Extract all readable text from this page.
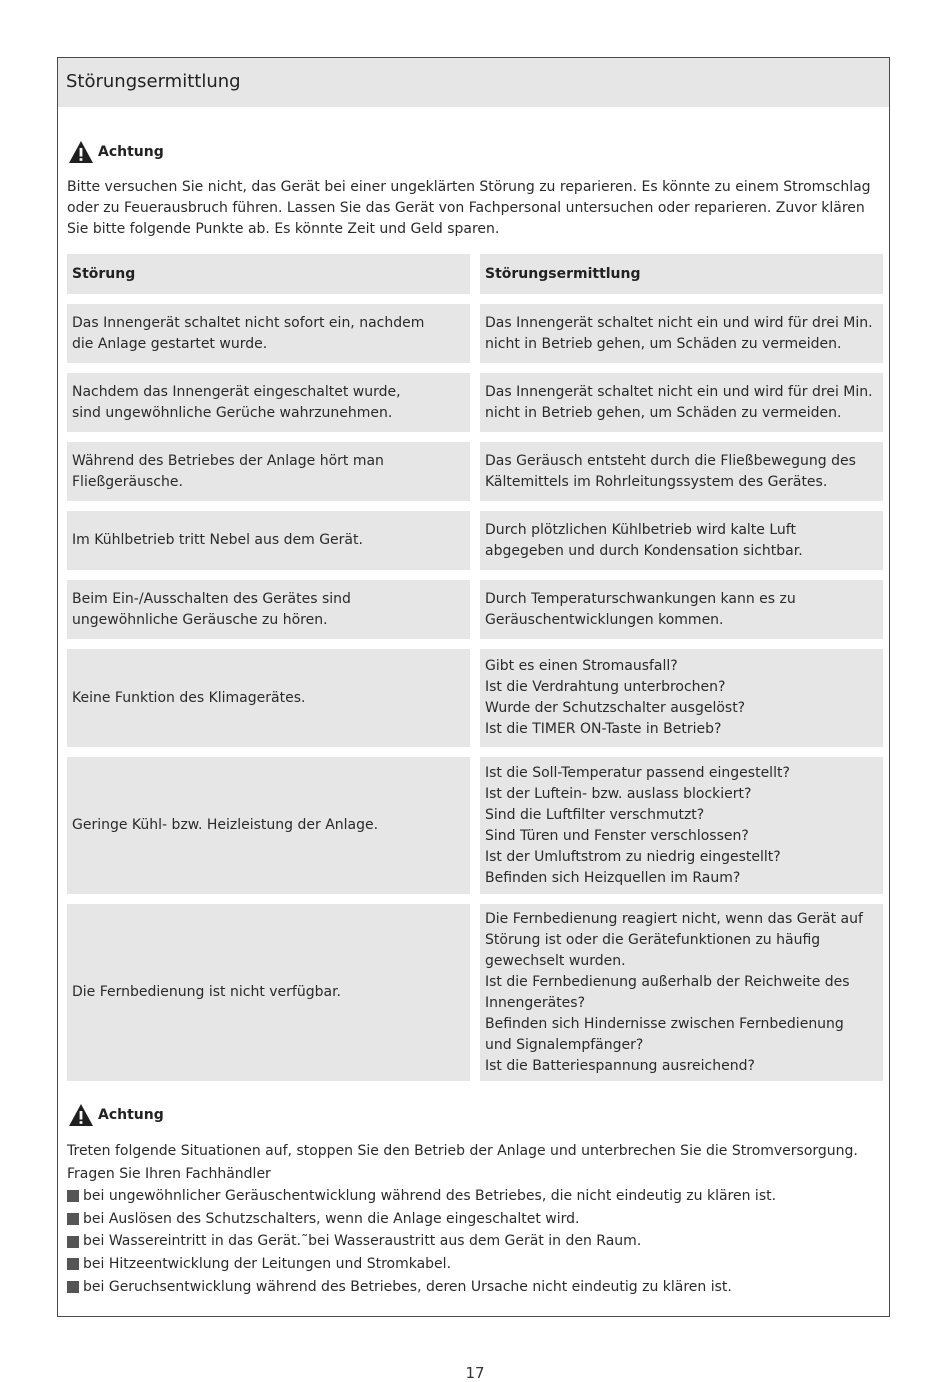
Störungsermittlung
Achtung
Bitte versuchen Sie nicht, das Gerät bei einer ungeklärten Störung zu reparieren. Es könnte zu einem Stromschlag oder zu Feuerausbruch führen. Lassen Sie das Gerät von Fachpersonal untersuchen oder reparieren. Zuvor klären Sie bitte folgende Punkte ab. Es könnte Zeit und Geld sparen.
Störung	Störungsermittlung
Das Innengerät schaltet nicht sofort ein, nachdem
die Anlage gestartet wurde.
Das Innengerät schaltet nicht ein und wird für drei Min.
nicht in Betrieb gehen, um Schäden zu vermeiden.
Nachdem das Innengerät eingeschaltet wurde,
sind ungewöhnliche Gerüche wahrzunehmen.
Das Innengerät schaltet nicht ein und wird für drei Min.
nicht in Betrieb gehen, um Schäden zu vermeiden.
Während des Betriebes der Anlage hört man
Fließgeräusche.
Das Geräusch entsteht durch die Fließbewegung des
Kältemittels im Rohrleitungssystem des Gerätes.
Im Kühlbetrieb tritt Nebel aus dem Gerät.
Durch plötzlichen Kühlbetrieb wird kalte Luft
abgegeben und durch Kondensation sichtbar.
Beim Ein-/Ausschalten des Gerätes sind
ungewöhnliche Geräusche zu hören.
Durch Temperaturschwankungen kann es zu
Geräuschentwicklungen kommen.
Keine Funktion des Klimagerätes.
Gibt es einen Stromausfall?
Ist die Verdrahtung unterbrochen?
Wurde der Schutzschalter ausgelöst?
Ist die TIMER ON-Taste in Betrieb?
Geringe Kühl- bzw. Heizleistung der Anlage.
Ist die Soll-Temperatur passend eingestellt?
Ist der Luftein- bzw. auslass blockiert?
Sind die Luftfilter verschmutzt?
Sind Türen und Fenster verschlossen?
Ist der Umluftstrom zu niedrig eingestellt?
Befinden sich Heizquellen im Raum?
Die Fernbedienung ist nicht verfügbar.
Die Fernbedienung reagiert nicht, wenn das Gerät auf
Störung ist oder die Gerätefunktionen zu häufig
gewechselt wurden.
Ist die Fernbedienung außerhalb der Reichweite des
Innengerätes?
Befinden sich Hindernisse zwischen Fernbedienung
und Signalempfänger?
Ist die Batteriespannung ausreichend?
Achtung
Treten folgende Situationen auf, stoppen Sie den Betrieb der Anlage und unterbrechen Sie die Stromversorgung.
Fragen Sie Ihren Fachhändler
bei ungewöhnlicher Geräuschentwicklung während des Betriebes, die nicht eindeutig zu klären ist.
bei Auslösen des Schutzschalters, wenn die Anlage eingeschaltet wird.
bei Wassereintritt in das Gerät.˜bei Wasseraustritt aus dem Gerät in den Raum.
bei Hitzeentwicklung der Leitungen und Stromkabel.
bei Geruchsentwicklung während des Betriebes, deren Ursache nicht eindeutig zu klären ist.
17
